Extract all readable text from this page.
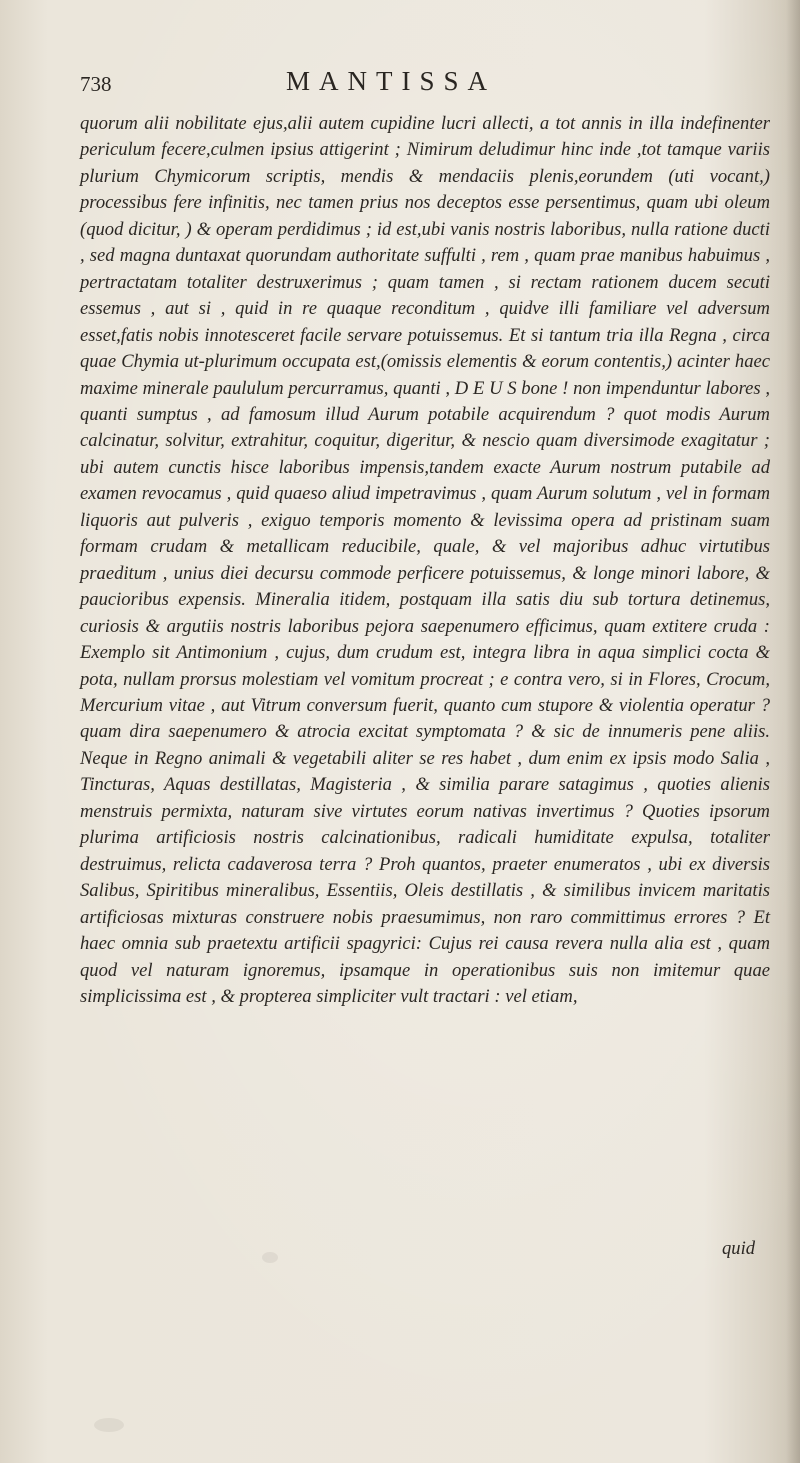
738	MANTISSA

quorum alii nobilitate ejus,alii autem cupidine lucri allecti, a tot annis in illa indefinenter periculum fecere,culmen ipsius attigerint ; Nimirum deludimur hinc inde ,tot tamque variis plurium Chymicorum scriptis, mendis & mendaciis plenis,eorundem (uti vocant,) processibus fere infinitis, nec tamen prius nos deceptos esse persentimus, quam ubi oleum (quod dicitur, ) & operam perdidimus ; id est,ubi vanis nostris laboribus, nulla ratione ducti , sed magna duntaxat quorundam authoritate suffulti , rem , quam prae manibus habuimus , pertractatam totaliter destruxerimus ; quam tamen , si rectam rationem ducem secuti essemus , aut si , quid in re quaque reconditum , quidve illi familiare vel adversum esset,fatis nobis innotesceret facile servare potuissemus. Et si tantum tria illa Regna , circa quae Chymia ut-plurimum occupata est,(omissis elementis & eorum contentis,) acinter haec maxime minerale paululum percurramus, quanti , D E U S bone ! non impenduntur labores , quanti sumptus , ad famosum illud Aurum potabile acquirendum ? quot modis Aurum calcinatur, solvitur, extrahitur, coquitur, digeritur, & nescio quam diversimode exagitatur ; ubi autem cunctis hisce laboribus impensis,tandem exacte Aurum nostrum putabile ad examen revocamus , quid quaeso aliud impetravimus , quam Aurum solutum , vel in formam liquoris aut pulveris , exiguo temporis momento & levissima opera ad pristinam suam formam crudam & metallicam reducibile, quale, & vel majoribus adhuc virtutibus praeditum , unius diei decursu commode perficere potuissemus, & longe minori labore, & paucioribus expensis. Mineralia itidem, postquam illa satis diu sub tortura detinemus, curiosis & argutiis nostris laboribus pejora saepenumero efficimus, quam extitere cruda : Exemplo sit Antimonium , cujus, dum crudum est, integra libra in aqua simplici cocta & pota, nullam prorsus molestiam vel vomitum procreat ; e contra vero, si in Flores, Crocum, Mercurium vitae , aut Vitrum conversum fuerit, quanto cum stupore & violentia operatur ? quam dira saepenumero & atrocia excitat symptomata ? & sic de innumeris pene aliis. Neque in Regno animali & vegetabili aliter se res habet , dum enim ex ipsis modo Salia , Tincturas, Aquas destillatas, Magisteria , & similia parare satagimus , quoties alienis menstruis permixta, naturam sive virtutes eorum nativas invertimus ? Quoties ipsorum plurima artificiosis nostris calcinationibus, radicali humiditate expulsa, totaliter destruimus, relicta cadaverosa terra ? Proh quantos, praeter enumeratos , ubi ex diversis Salibus, Spiritibus mineralibus, Essentiis, Oleis destillatis , & similibus invicem maritatis artificiosas mixturas construere nobis praesumimus, non raro committimus errores ? Et haec omnia sub praetextu artificii spagyrici: Cujus rei causa revera nulla alia est , quam quod vel naturam ignoremus, ipsamque in operationibus suis non imitemur quae simplicissima est , & propterea simpliciter vult tractari : vel etiam,

quid
